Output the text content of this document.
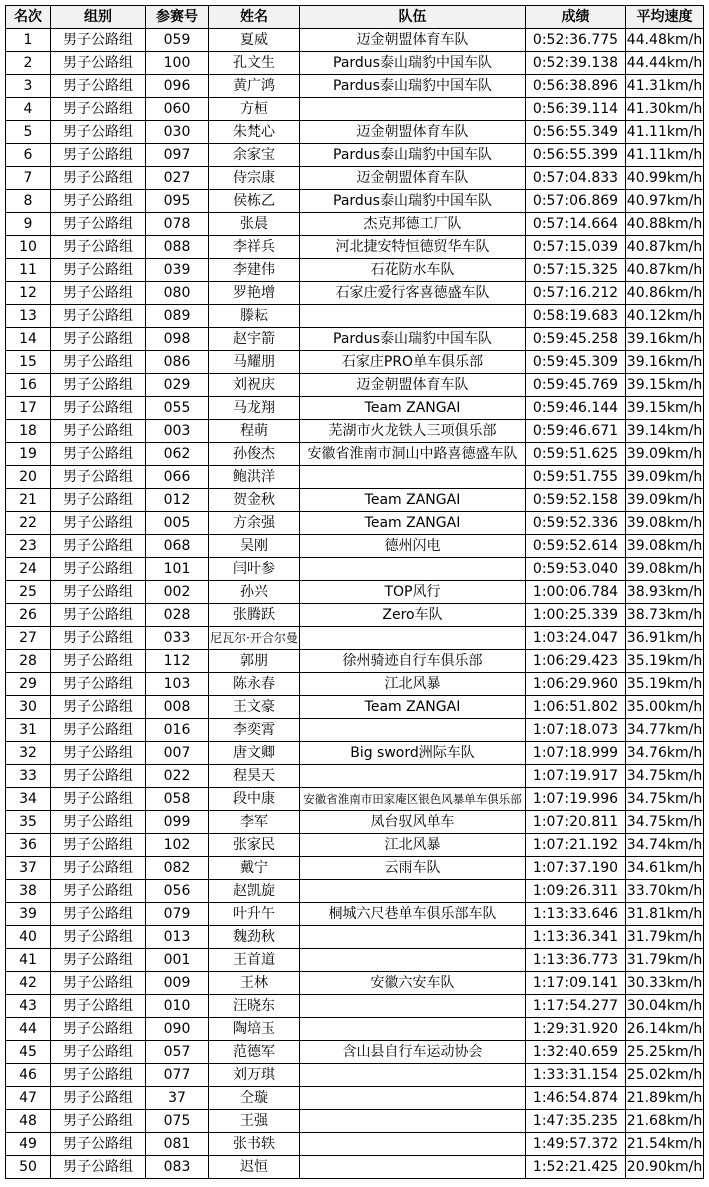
名次	组别	参赛号	姓名	队伍	成绩	平均速度
1	男子公路组	059	夏威	迈金朝盟体育车队	0:52:36.775	44.48km/h
2	男子公路组	100	孔文生	Pardus泰山瑞豹中国车队	0:52:39.138	44.44km/h
3	男子公路组	096	黄广鸿	Pardus泰山瑞豹中国车队	0:56:38.896	41.31km/h
4	男子公路组	060	方桓		0:56:39.114	41.30km/h
5	男子公路组	030	朱梵心	迈金朝盟体育车队	0:56:55.349	41.11km/h
6	男子公路组	097	余家宝	Pardus泰山瑞豹中国车队	0:56:55.399	41.11km/h
7	男子公路组	027	侍宗康	迈金朝盟体育车队	0:57:04.833	40.99km/h
8	男子公路组	095	侯栋乙	Pardus泰山瑞豹中国车队	0:57:06.869	40.97km/h
9	男子公路组	078	张晨	杰克邦德工厂队	0:57:14.664	40.88km/h
10	男子公路组	088	李祥兵	河北捷安特恒德贸华车队	0:57:15.039	40.87km/h
11	男子公路组	039	李建伟	石花防水车队	0:57:15.325	40.87km/h
12	男子公路组	080	罗艳增	石家庄爱行客喜德盛车队	0:57:16.212	40.86km/h
13	男子公路组	089	滕耘		0:58:19.683	40.12km/h
14	男子公路组	098	赵宇箭	Pardus泰山瑞豹中国车队	0:59:45.258	39.16km/h
15	男子公路组	086	马耀朋	石家庄PRO单车俱乐部	0:59:45.309	39.16km/h
16	男子公路组	029	刘祝庆	迈金朝盟体育车队	0:59:45.769	39.15km/h
17	男子公路组	055	马龙翔	Team ZANGAI	0:59:46.144	39.15km/h
18	男子公路组	003	程萌	芜湖市火龙铁人三项俱乐部	0:59:46.671	39.14km/h
19	男子公路组	062	孙俊杰	安徽省淮南市洞山中路喜德盛车队	0:59:51.625	39.09km/h
20	男子公路组	066	鲍洪洋		0:59:51.755	39.09km/h
21	男子公路组	012	贺金秋	Team ZANGAI	0:59:52.158	39.09km/h
22	男子公路组	005	方余强	Team ZANGAI	0:59:52.336	39.08km/h
23	男子公路组	068	吴刚	德州闪电	0:59:52.614	39.08km/h
24	男子公路组	101	闫叶参		0:59:53.040	39.08km/h
25	男子公路组	002	孙兴	TOP风行	1:00:06.784	38.93km/h
26	男子公路组	028	张腾跃	Zero车队	1:00:25.339	38.73km/h
27	男子公路组	033	尼瓦尔·开合尔曼		1:03:24.047	36.91km/h
28	男子公路组	112	郭朋	徐州骑迹自行车俱乐部	1:06:29.423	35.19km/h
29	男子公路组	103	陈永春	江北风暴	1:06:29.960	35.19km/h
30	男子公路组	008	王文豪	Team ZANGAI	1:06:51.802	35.00km/h
31	男子公路组	016	李奕霄		1:07:18.073	34.77km/h
32	男子公路组	007	唐文卿	Big sword洲际车队	1:07:18.999	34.76km/h
33	男子公路组	022	程昊天		1:07:19.917	34.75km/h
34	男子公路组	058	段中康	安徽省淮南市田家庵区银色风暴单车俱乐部	1:07:19.996	34.75km/h
35	男子公路组	099	李军	凤台驭风单车	1:07:20.811	34.75km/h
36	男子公路组	102	张家民	江北风暴	1:07:21.192	34.74km/h
37	男子公路组	082	戴宁	云雨车队	1:07:37.190	34.61km/h
38	男子公路组	056	赵凯旋		1:09:26.311	33.70km/h
39	男子公路组	079	叶升午	桐城六尺巷单车俱乐部车队	1:13:33.646	31.81km/h
40	男子公路组	013	魏劲秋		1:13:36.341	31.79km/h
41	男子公路组	001	王首道		1:13:36.773	31.79km/h
42	男子公路组	009	王林	安徽六安车队	1:17:09.141	30.33km/h
43	男子公路组	010	汪晓东		1:17:54.277	30.04km/h
44	男子公路组	090	陶培玉		1:29:31.920	26.14km/h
45	男子公路组	057	范德军	含山县自行车运动协会	1:32:40.659	25.25km/h
46	男子公路组	077	刘万琪		1:33:31.154	25.02km/h
47	男子公路组	37	仝璇		1:46:54.874	21.89km/h
48	男子公路组	075	王强		1:47:35.235	21.68km/h
49	男子公路组	081	张书轶		1:49:57.372	21.54km/h
50	男子公路组	083	迟恒		1:52:21.425	20.90km/h
